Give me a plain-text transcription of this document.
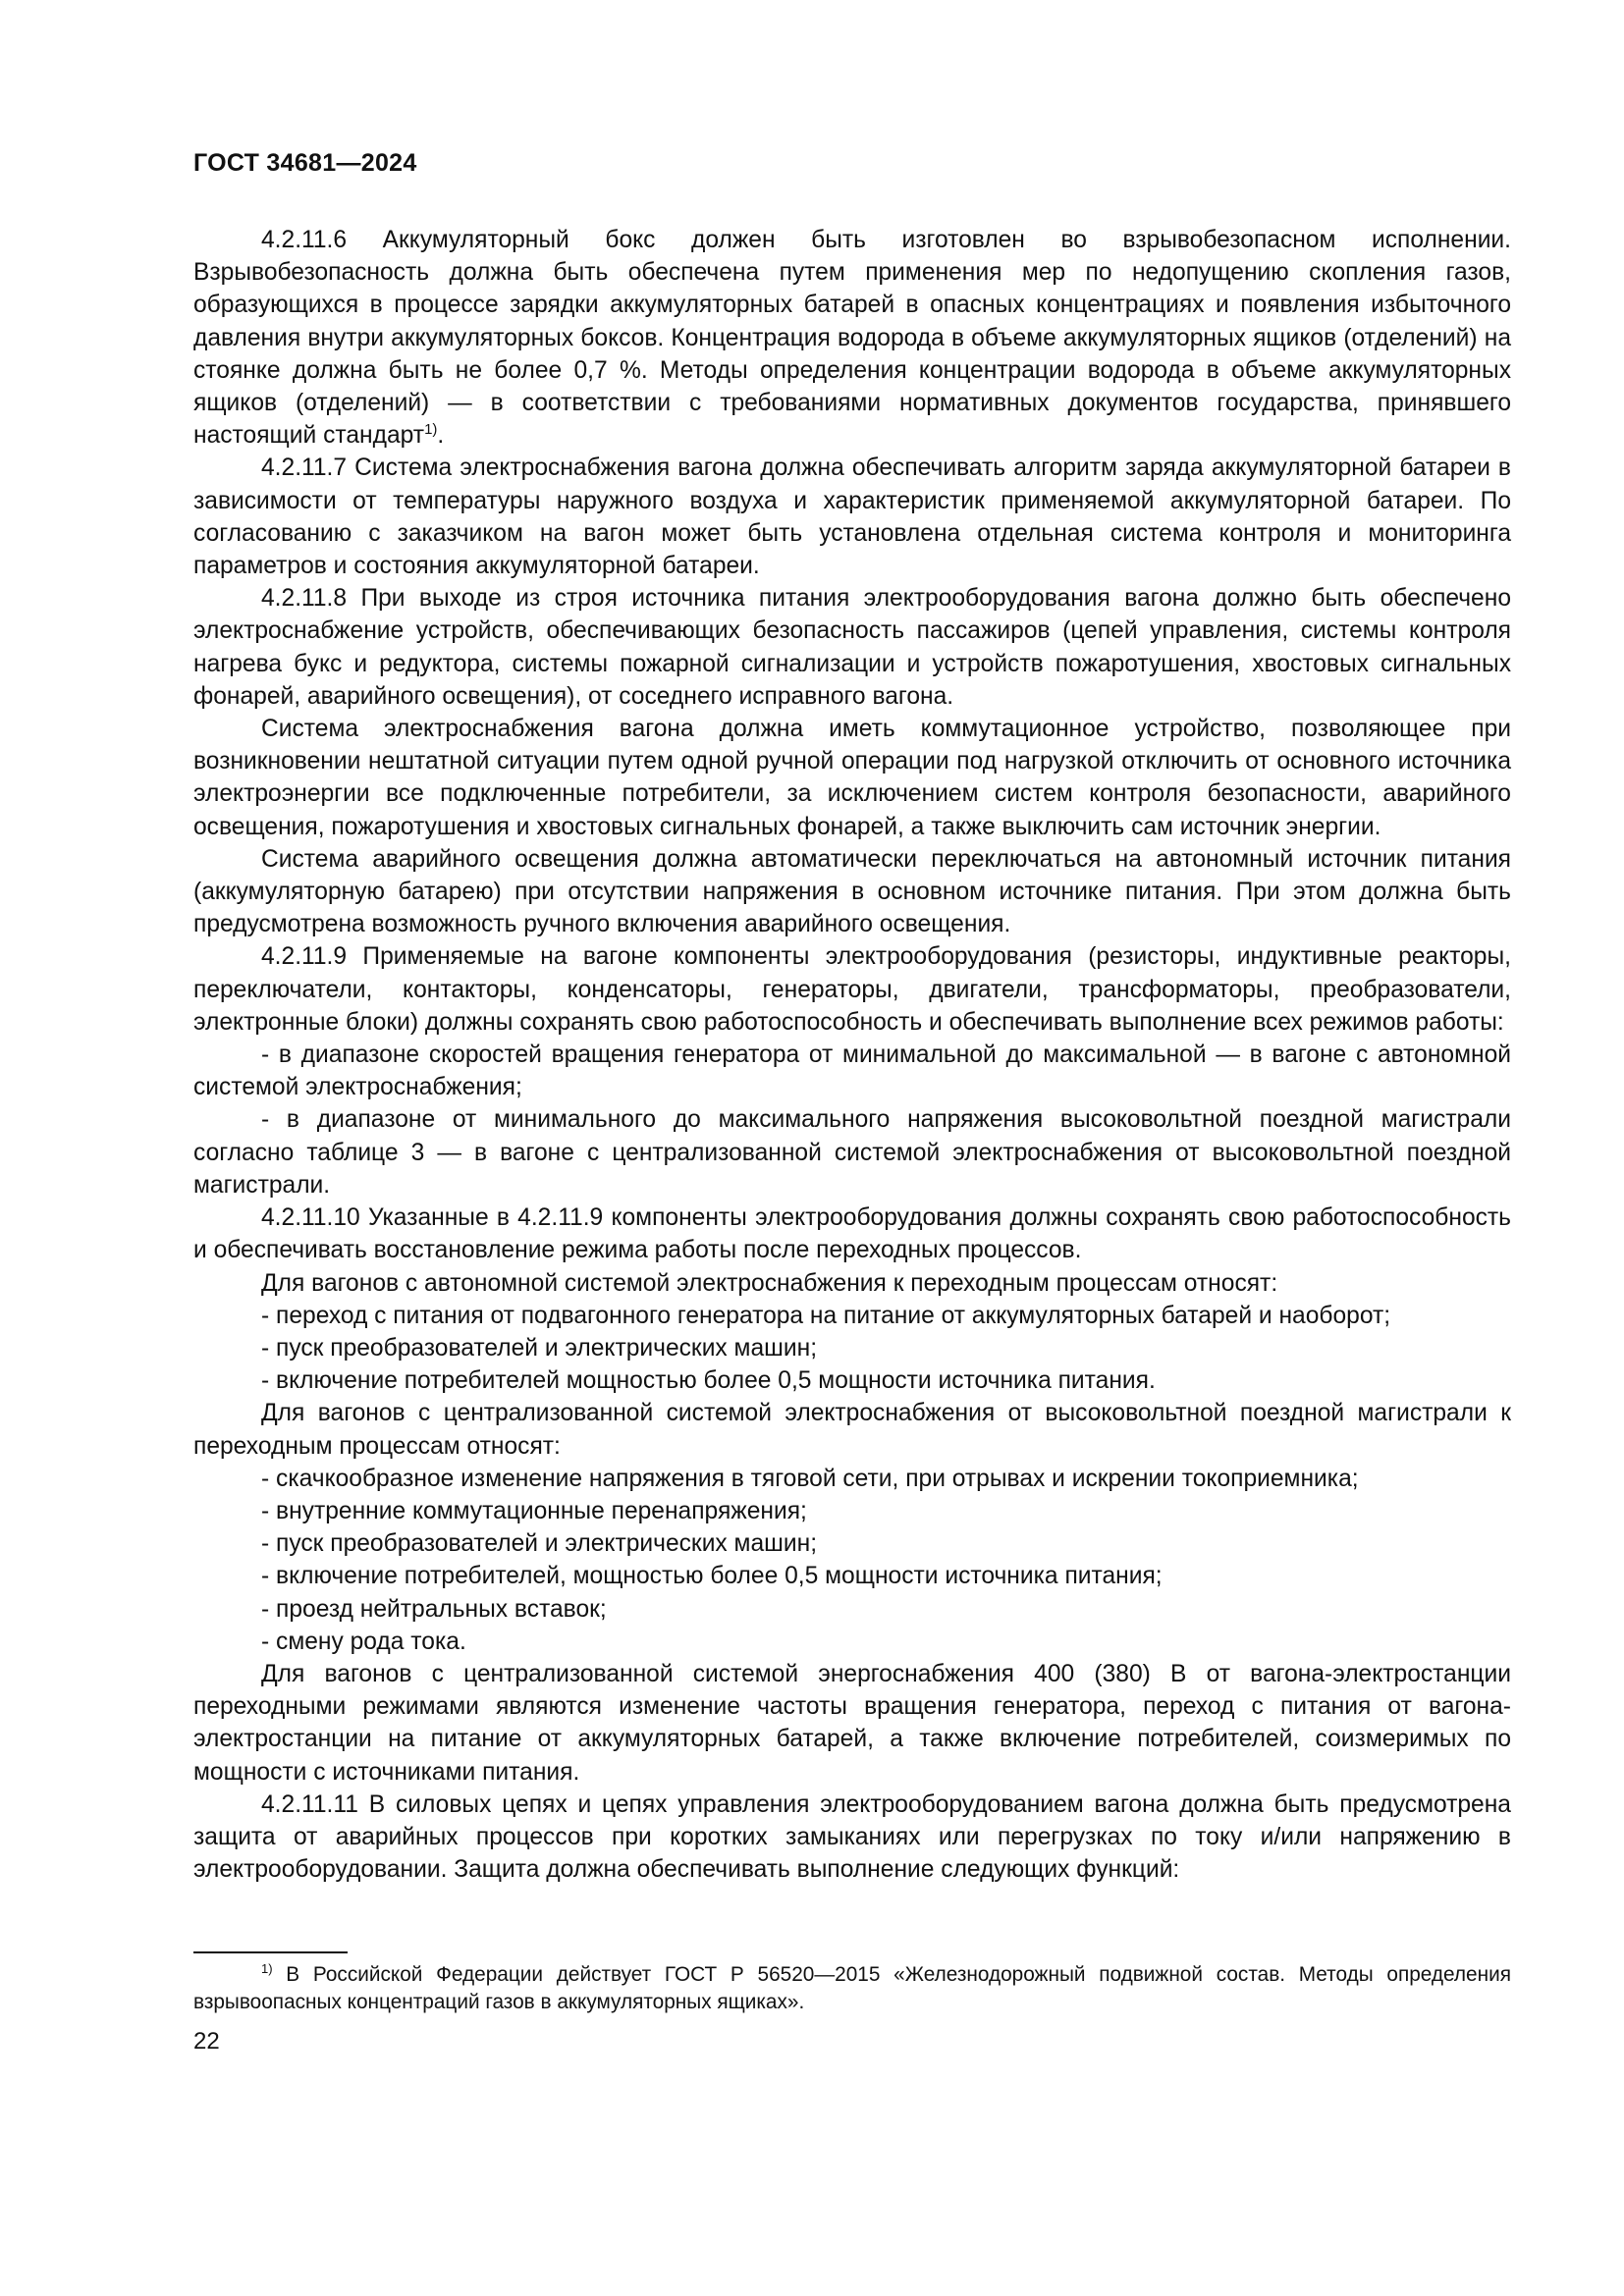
ГОСТ 34681—2024

4.2.11.6 Аккумуляторный бокс должен быть изготовлен во взрывобезопасном исполнении. Взрывобезопасность должна быть обеспечена путем применения мер по недопущению скопления газов, образующихся в процессе зарядки аккумуляторных батарей в опасных концентрациях и появления избыточного давления внутри аккумуляторных боксов. Концентрация водорода в объеме аккумуляторных ящиков (отделений) на стоянке должна быть не более 0,7 %. Методы определения концентрации водорода в объеме аккумуляторных ящиков (отделений) — в соответствии с требованиями нормативных документов государства, принявшего настоящий стандарт$^{1)}$.

4.2.11.7 Система электроснабжения вагона должна обеспечивать алгоритм заряда аккумуляторной батареи в зависимости от температуры наружного воздуха и характеристик применяемой аккумуляторной батареи. По согласованию с заказчиком на вагон может быть установлена отдельная система контроля и мониторинга параметров и состояния аккумуляторной батареи.

4.2.11.8 При выходе из строя источника питания электрооборудования вагона должно быть обеспечено электроснабжение устройств, обеспечивающих безопасность пассажиров (цепей управления, системы контроля нагрева букс и редуктора, системы пожарной сигнализации и устройств пожаротушения, хвостовых сигнальных фонарей, аварийного освещения), от соседнего исправного вагона.

Система электроснабжения вагона должна иметь коммутационное устройство, позволяющее при возникновении нештатной ситуации путем одной ручной операции под нагрузкой отключить от основного источника электроэнергии все подключенные потребители, за исключением систем контроля безопасности, аварийного освещения, пожаротушения и хвостовых сигнальных фонарей, а также выключить сам источник энергии.

Система аварийного освещения должна автоматически переключаться на автономный источник питания (аккумуляторную батарею) при отсутствии напряжения в основном источнике питания. При этом должна быть предусмотрена возможность ручного включения аварийного освещения.

4.2.11.9 Применяемые на вагоне компоненты электрооборудования (резисторы, индуктивные реакторы, переключатели, контакторы, конденсаторы, генераторы, двигатели, трансформаторы, преобразователи, электронные блоки) должны сохранять свою работоспособность и обеспечивать выполнение всех режимов работы:

- в диапазоне скоростей вращения генератора от минимальной до максимальной — в вагоне с автономной системой электроснабжения;

- в диапазоне от минимального до максимального напряжения высоковольтной поездной магистрали согласно таблице 3 — в вагоне с централизованной системой электроснабжения от высоковольтной поездной магистрали.

4.2.11.10 Указанные в 4.2.11.9 компоненты электрооборудования должны сохранять свою работоспособность и обеспечивать восстановление режима работы после переходных процессов.

Для вагонов с автономной системой электроснабжения к переходным процессам относят:

- переход с питания от подвагонного генератора на питание от аккумуляторных батарей и наоборот;

- пуск преобразователей и электрических машин;

- включение потребителей мощностью более 0,5 мощности источника питания.

Для вагонов с централизованной системой электроснабжения от высоковольтной поездной магистрали к переходным процессам относят:

- скачкообразное изменение напряжения в тяговой сети, при отрывах и искрении токоприемника;

- внутренние коммутационные перенапряжения;

- пуск преобразователей и электрических машин;

- включение потребителей, мощностью более 0,5 мощности источника питания;

- проезд нейтральных вставок;

- смену рода тока.

Для вагонов с централизованной системой энергоснабжения 400 (380) В от вагона-электростанции переходными режимами являются изменение частоты вращения генератора, переход с питания от вагона-электростанции на питание от аккумуляторных батарей, а также включение потребителей, соизмеримых по мощности с источниками питания.

4.2.11.11 В силовых цепях и цепях управления электрооборудованием вагона должна быть предусмотрена защита от аварийных процессов при коротких замыканиях или перегрузках по току и/или напряжению в электрооборудовании. Защита должна обеспечивать выполнение следующих функций:

$^{1)}$ В Российской Федерации действует ГОСТ Р 56520—2015 «Железнодорожный подвижной состав. Методы определения взрывоопасных концентраций газов в аккумуляторных ящиках».

22
